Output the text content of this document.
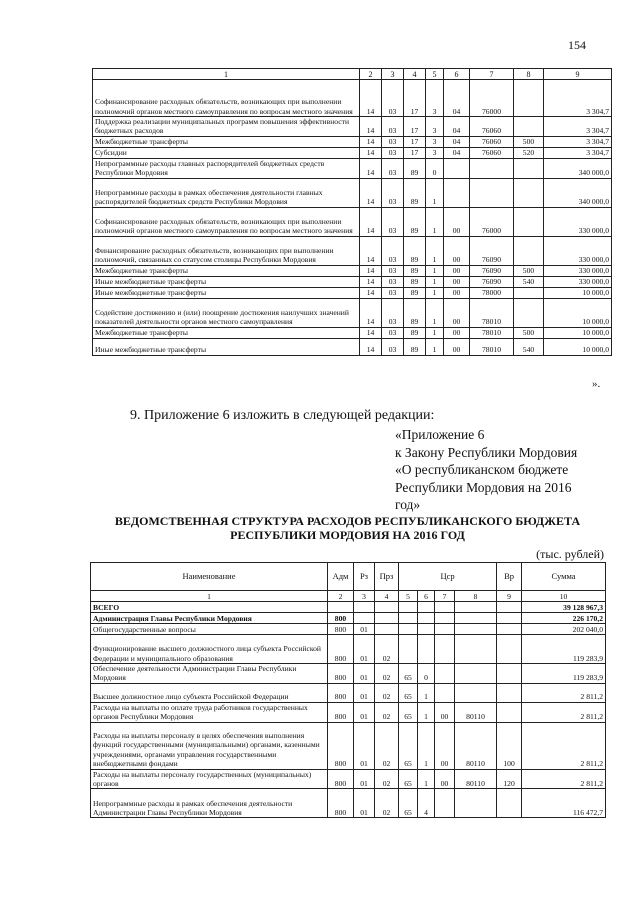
154
1	2	3	4	5	6	7	8	9
Софинансирование расходных обязательств, возникающих при выполнении полномочий органов местного самоуправления по вопросам местного значения	14	03	17	3	04	76000		3 304,7
Поддержка реализации муниципальных программ повышения эффективности бюджетных расходов	14	03	17	3	04	76060		3 304,7
Межбюджетные трансферты	14	03	17	3	04	76060	500	3 304,7
Субсидии	14	03	17	3	04	76060	520	3 304,7
Непрограммные расходы главных распорядителей бюджетных средств Республики Мордовия	14	03	89	0				340 000,0
Непрограммные расходы в рамках обеспечения деятельности главных распорядителей бюджетных средств Республики Мордовия	14	03	89	1				340 000,0
Софинансирование расходных обязательств, возникающих при выполнении полномочий органов местного самоуправления по вопросам местного значения	14	03	89	1	00	76000		330 000,0
Финансирование расходных обязательств, возникающих при выполнении полномочий, связанных со статусом столицы Республики Мордовия	14	03	89	1	00	76090		330 000,0
Межбюджетные трансферты	14	03	89	1	00	76090	500	330 000,0
Иные межбюджетные трансферты	14	03	89	1	00	76090	540	330 000,0
Иные межбюджетные трансферты	14	03	89	1	00	78000		10 000,0
Содействие достижению и (или) поощрение достижения наилучших значений показателей деятельности органов местного самоуправления	14	03	89	1	00	78010		10 000,0
Межбюджетные трансферты	14	03	89	1	00	78010	500	10 000,0
Иные межбюджетные трансферты	14	03	89	1	00	78010	540	10 000,0
».
9. Приложение 6 изложить в следующей редакции:
«Приложение 6
к Закону Республики Мордовия
«О республиканском бюджете
Республики Мордовия на 2016
год»
ВЕДОМСТВЕННАЯ СТРУКТУРА РАСХОДОВ РЕСПУБЛИКАНСКОГО БЮДЖЕТА
РЕСПУБЛИКИ МОРДОВИЯ НА 2016 ГОД
(тыс. рублей)
Наименование	Адм	Рз	Прз	Цср				Вр	Сумма
1	2	3	4	5	6	7	8	9	10
ВСЕГО									39 128 967,3
Администрация Главы Республики Мордовия	800								226 170,2
Общегосударственные вопросы	800	01							202 040,0
Функционирование высшего должностного лица субъекта Российской Федерации и муниципального образования	800	01	02						119 283,9
Обеспечение деятельности Администрации Главы Республики Мордовия	800	01	02	65	0				119 283,9
Высшее должностное лицо субъекта Российской Федерации	800	01	02	65	1				2 811,2
Расходы на выплаты по оплате труда работников государственных органов Республики Мордовия	800	01	02	65	1	00	80110		2 811,2
Расходы на выплаты персоналу в целях обеспечения выполнения функций государственными (муниципальными) органами, казенными учреждениями, органами управления государственными внебюджетными фондами	800	01	02	65	1	00	80110	100	2 811,2
Расходы на выплаты персоналу государственных (муниципальных) органов	800	01	02	65	1	00	80110	120	2 811,2
Непрограммные расходы в рамках обеспечения деятельности Администрации Главы Республики Мордовия	800	01	02	65	4				116 472,7
